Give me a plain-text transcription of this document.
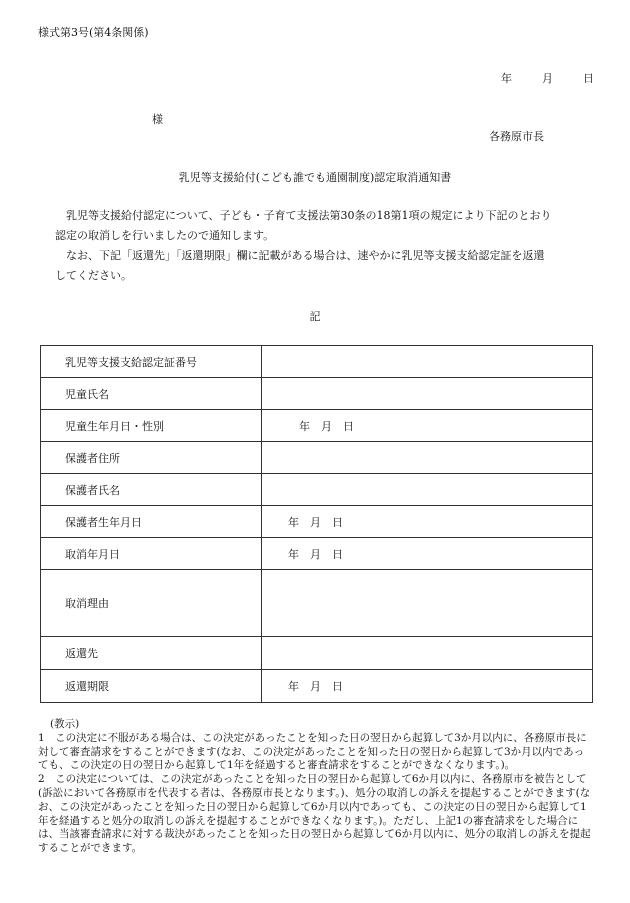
様式第3号(第4条関係)
年	月	日
様
各務原市長
乳児等支援給付(こども誰でも通園制度)認定取消通知書

乳児等支援給付認定について、子ども・子育て支援法第30条の18第1項の規定により下記のとおり認定の取消しを行いましたので通知します。

なお、下記「返還先」「返還期限」欄に記載がある場合は、速やかに乳児等支援支給認定証を返還してください。

記
乳児等支援支給認定証番号	
児童氏名	
児童生年月日・性別	　年　月　日
保護者住所	
保護者氏名	
保護者生年月日	年　月　日
取消年月日	年　月　日
取消理由	
返還先	
返還期限	年　月　日

(教示)

1　この決定に不服がある場合は、この決定があったことを知った日の翌日から起算して3か月以内に、各務原市長に対して審査請求をすることができます(なお、この決定があったことを知った日の翌日から起算して3か月以内であっても、この決定の日の翌日から起算して1年を経過すると審査請求をすることができなくなります。)。

2　この決定については、この決定があったことを知った日の翌日から起算して6か月以内に、各務原市を被告として(訴訟において各務原市を代表する者は、各務原市長となります。)、処分の取消しの訴えを提起することができます(なお、この決定があったことを知った日の翌日から起算して6か月以内であっても、この決定の日の翌日から起算して1年を経過すると処分の取消しの訴えを提起することができなくなります。)。ただし、上記1の審査請求をした場合には、当該審査請求に対する裁決があったことを知った日の翌日から起算して6か月以内に、処分の取消しの訴えを提起することができます。
